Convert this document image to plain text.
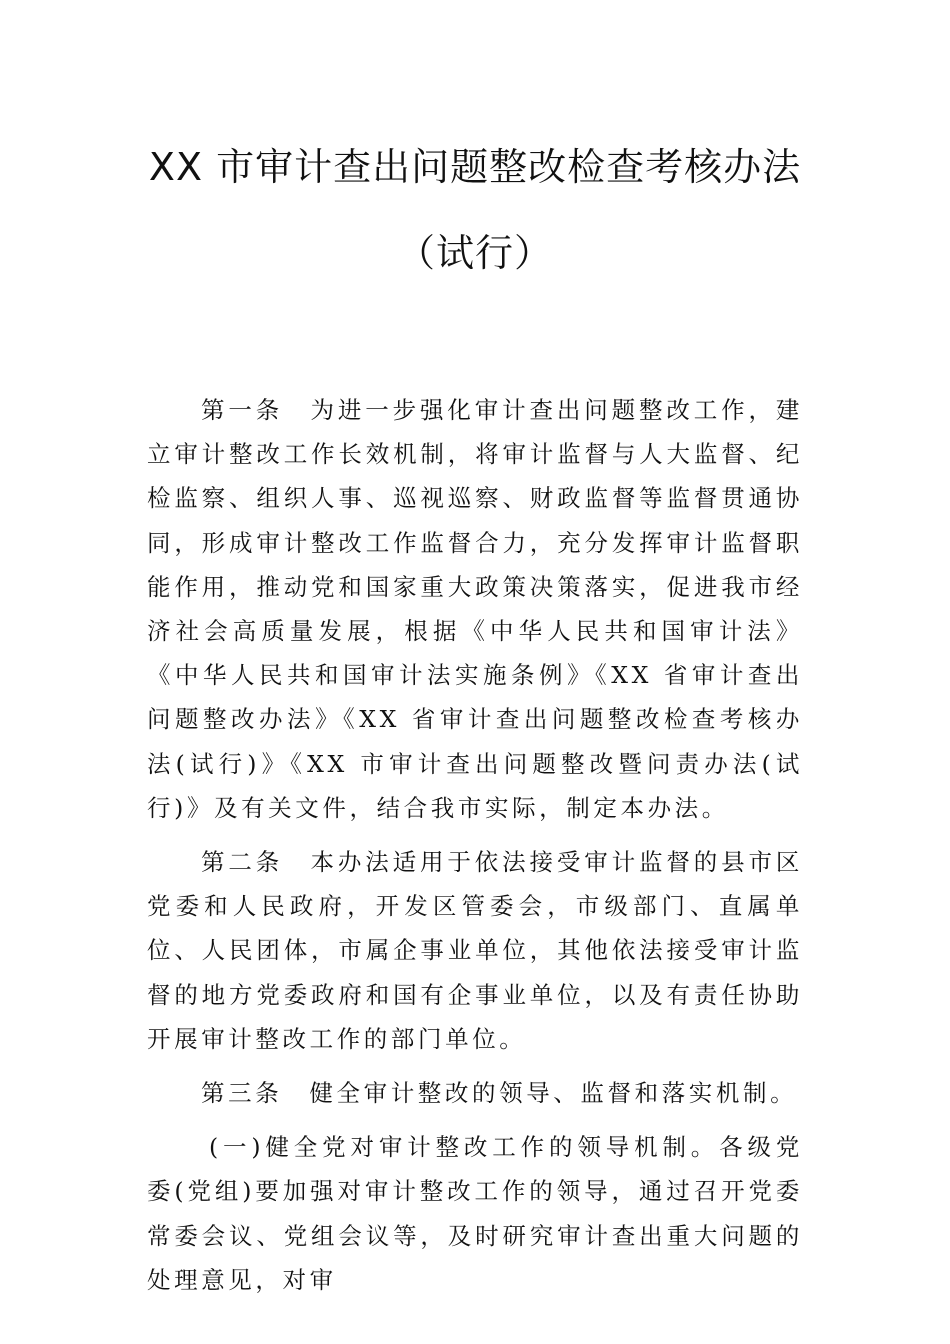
XX 市审计查出问题整改检查考核办法
（试行）

第一条　为进一步强化审计查出问题整改工作，建立审计整改工作长效机制，将审计监督与人大监督、纪检监察、组织人事、巡视巡察、财政监督等监督贯通协同，形成审计整改工作监督合力，充分发挥审计监督职能作用，推动党和国家重大政策决策落实，促进我市经济社会高质量发展，根据《中华人民共和国审计法》《中华人民共和国审计法实施条例》《XX 省审计查出问题整改办法》《XX 省审计查出问题整改检查考核办法(试行)》《XX 市审计查出问题整改暨问责办法(试行)》及有关文件，结合我市实际，制定本办法。

第二条　本办法适用于依法接受审计监督的县市区党委和人民政府，开发区管委会，市级部门、直属单位、人民团体，市属企事业单位，其他依法接受审计监督的地方党委政府和国有企事业单位，以及有责任协助开展审计整改工作的部门单位。

第三条　健全审计整改的领导、监督和落实机制。

(一)健全党对审计整改工作的领导机制。各级党委(党组)要加强对审计整改工作的领导，通过召开党委常委会议、党组会议等，及时研究审计查出重大问题的处理意见，对审
